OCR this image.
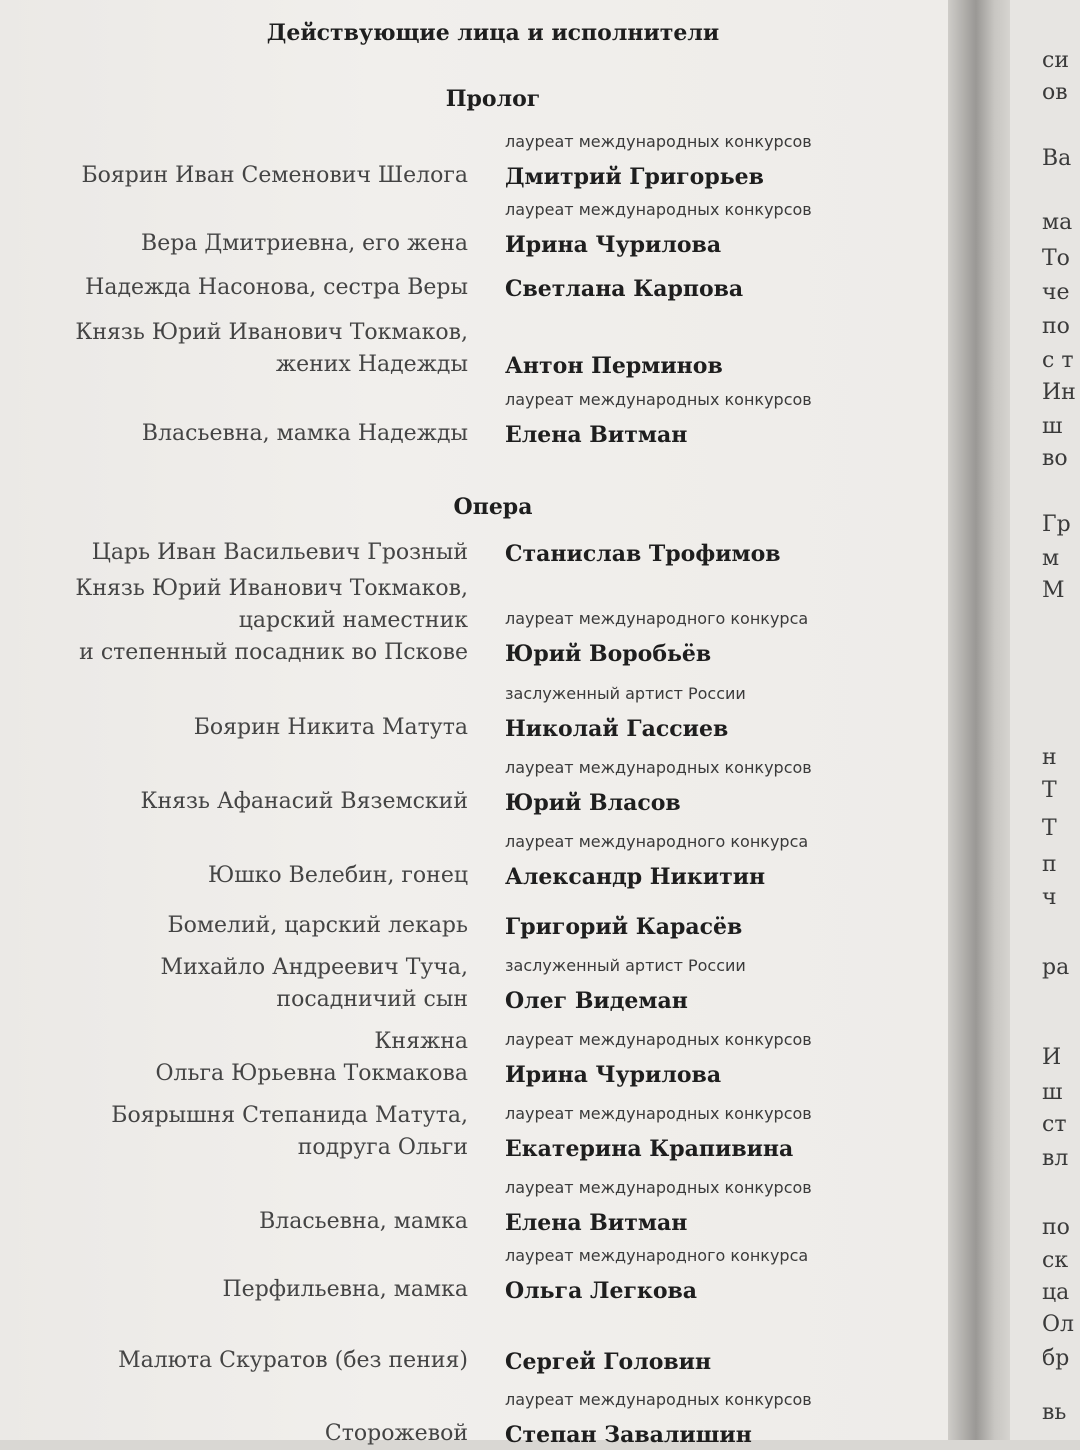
си
ов
Ва
ма
То
че
по
с т
Ин
ш
во
Гр
м
М
н
Т
Т
п
ч
ра
И
ш
ст
вл
по
ск
ца
Ол
бр
вь
Действующие лица и исполнители
Пролог
Дмитрий Григорьев
лауреат международных конкурсов
Боярин Иван Семенович Шелога
Ирина Чурилова
лауреат международных конкурсов
Вера Дмитриевна, его жена
Светлана Карпова
Надежда Насонова, сестра Веры
Антон Перминов
Князь Юрий Иванович Токмаков,
жених Надежды
Елена Витман
лауреат международных конкурсов
Власьевна, мамка Надежды
Опера
Станислав Трофимов
Царь Иван Васильевич Грозный
Юрий Воробьёв
лауреат международного конкурса
Князь Юрий Иванович Токмаков,
царский наместник
и степенный посадник во Пскове
Николай Гассиев
заслуженный артист России
Боярин Никита Матута
Юрий Власов
лауреат международных конкурсов
Князь Афанасий Вяземский
Александр Никитин
лауреат международного конкурса
Юшко Велебин, гонец
Григорий Карасёв
Бомелий, царский лекарь
Олег Видеман
заслуженный артист России
Михайло Андреевич Туча,
посадничий сын
Ирина Чурилова
лауреат международных конкурсов
Княжна
Ольга Юрьевна Токмакова
Екатерина Крапивина
лауреат международных конкурсов
Боярышня Степанида Матута,
подруга Ольги
Елена Витман
лауреат международных конкурсов
Власьевна, мамка
Ольга Легкова
лауреат международного конкурса
Перфильевна, мамка
Сергей Головин
Малюта Скуратов (без пения)
Степан Завалишин
лауреат международных конкурсов
Сторожевой
